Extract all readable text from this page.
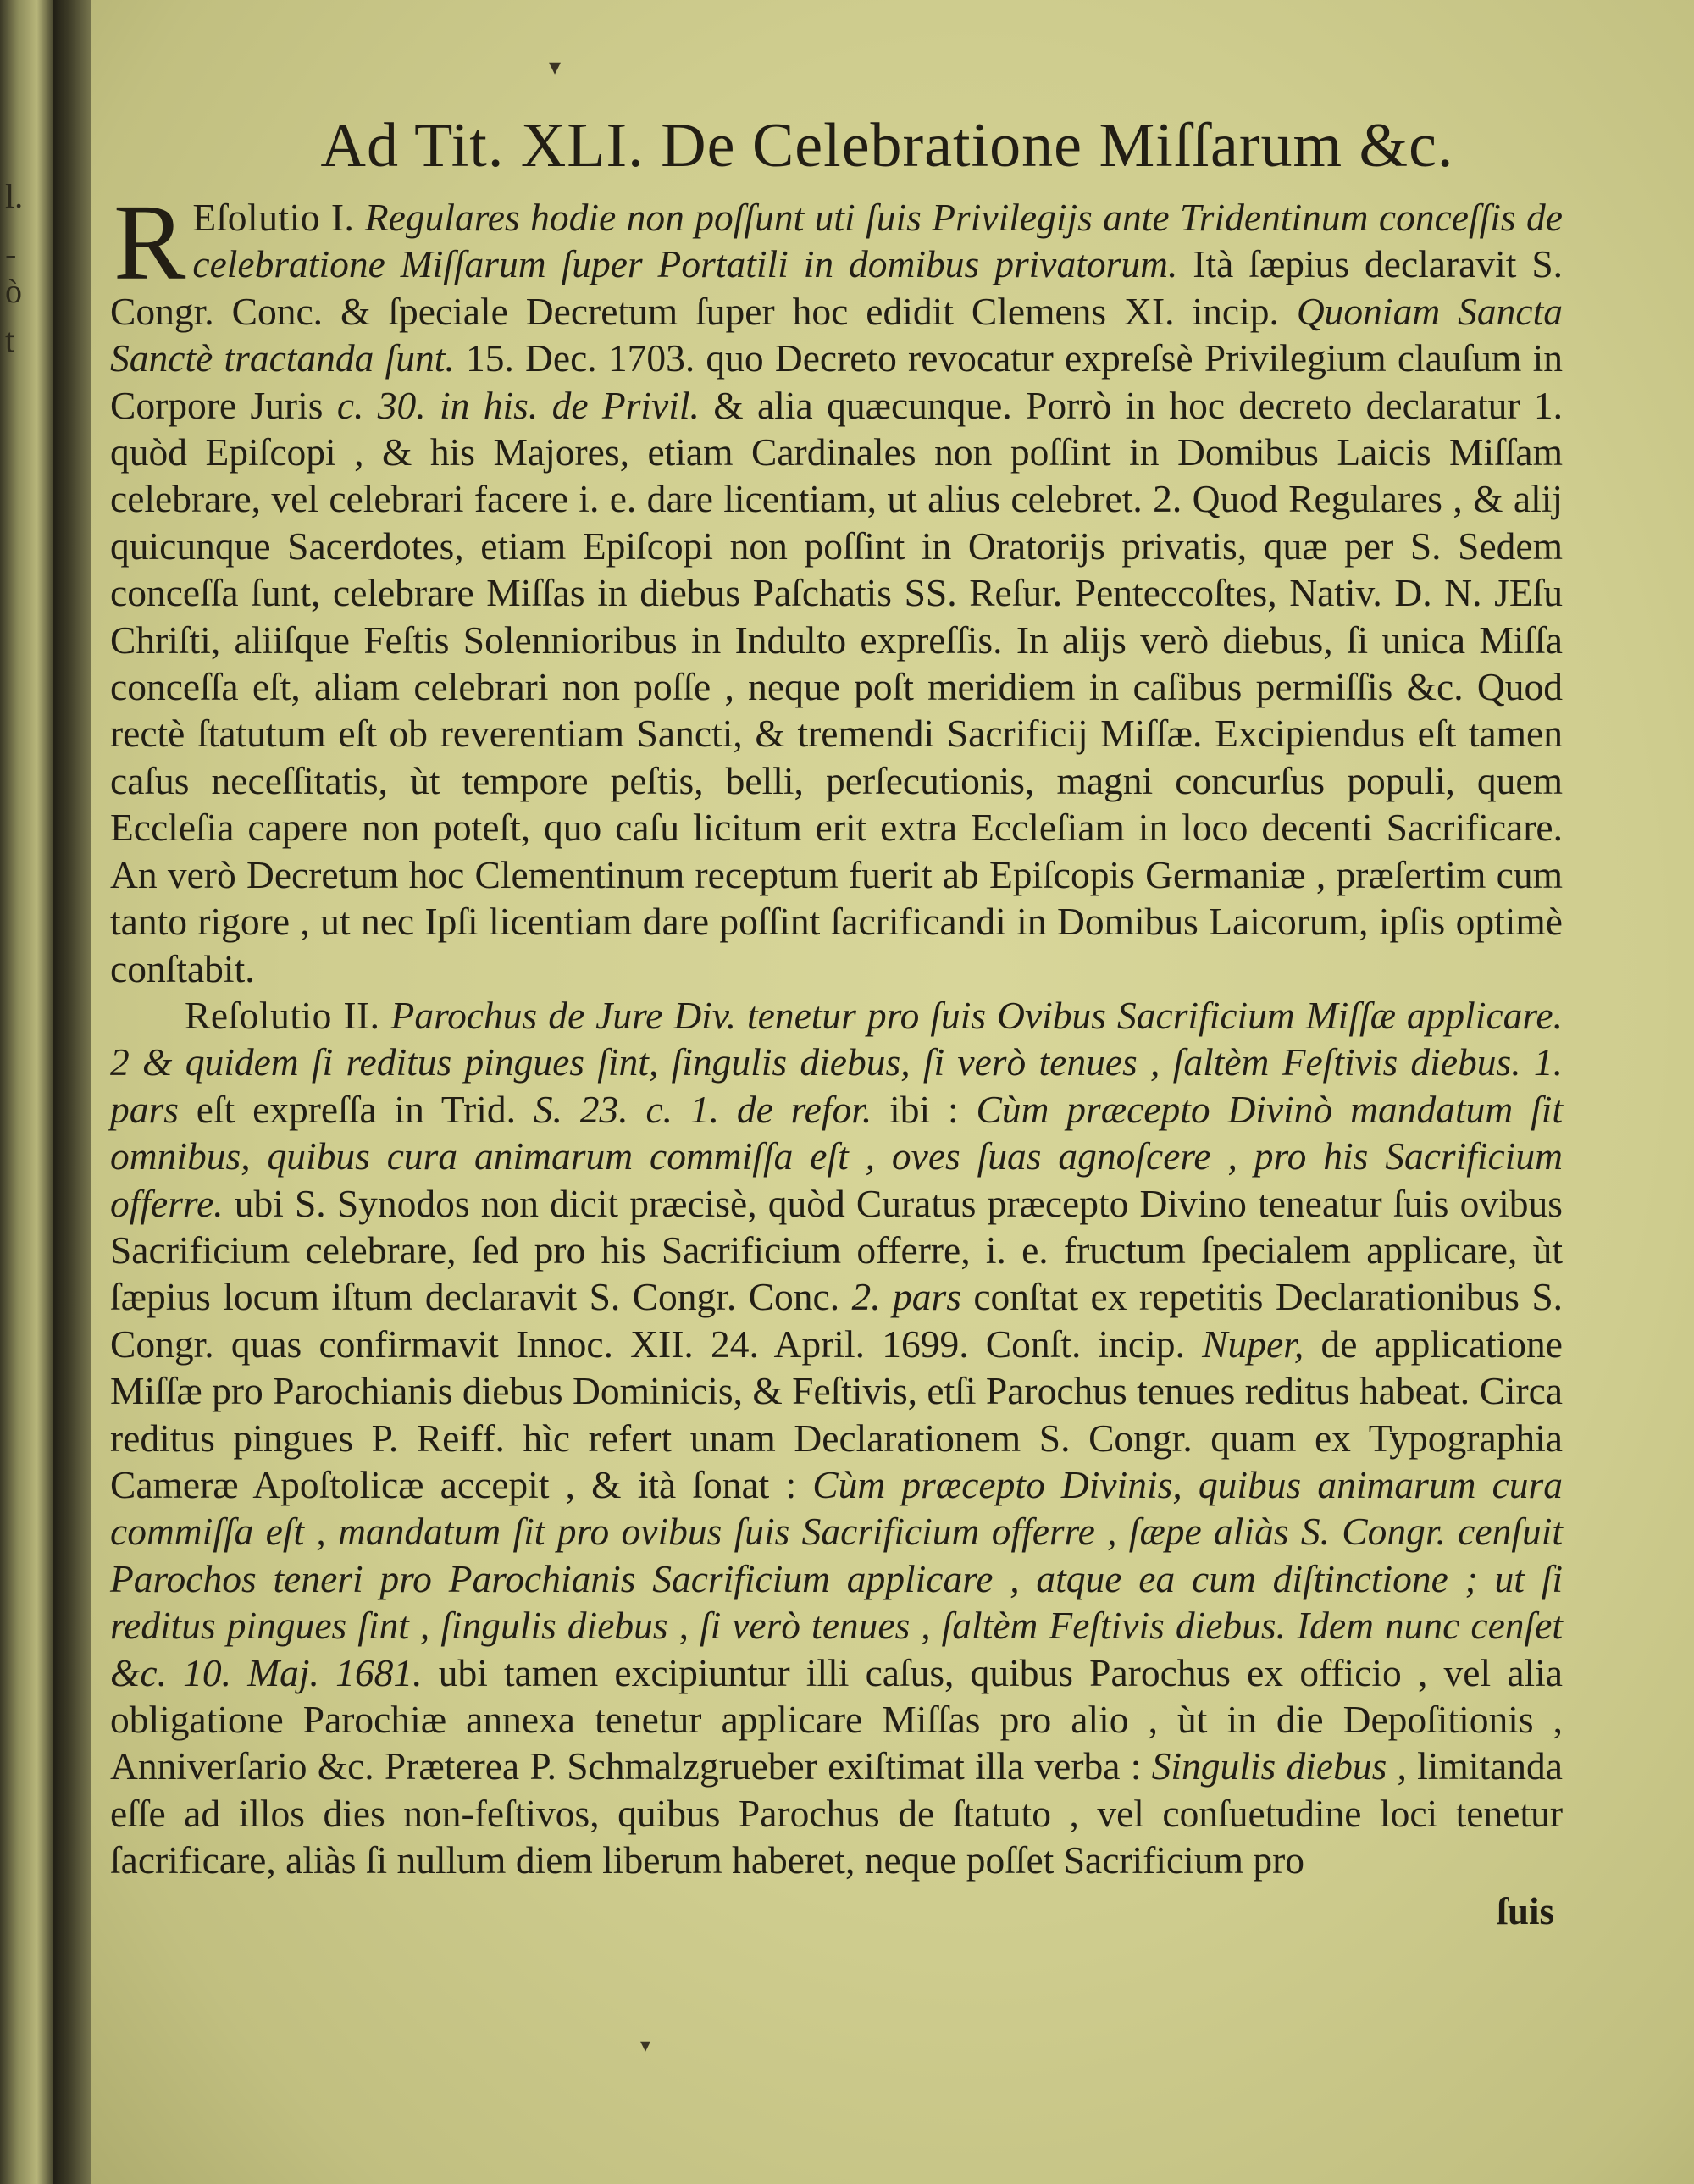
l.
-
ò
t
▾
Ad Tit. XLI. De Celebratione Miſſarum &c.

R Eſolutio I. Regulares hodie non poſſunt uti ſuis Privilegijs ante Tridentinum conceſſis de celebratione Miſſarum ſuper Portatili in domibus privatorum. Ità ſæpius declaravit S. Congr. Conc. & ſpeciale Decretum ſuper hoc edidit Clemens XI. incip. Quoniam Sancta Sanctè tractanda ſunt. 15. Dec. 1703. quo Decreto revocatur expreſsè Privilegium clauſum in Corpore Juris c. 30. in his. de Privil. & alia quæcunque. Porrò in hoc decreto declaratur 1. quòd Epiſcopi , & his Majores, etiam Cardinales non poſſint in Domibus Laicis Miſſam celebrare, vel celebrari facere i. e. dare licentiam, ut alius celebret. 2. Quod Regulares , & alij quicunque Sacerdotes, etiam Epiſcopi non poſſint in Oratorijs privatis, quæ per S. Sedem conceſſa ſunt, celebrare Miſſas in diebus Paſchatis SS. Reſur. Penteccoſtes, Nativ. D. N. JEſu Chriſti, aliiſque Feſtis Solennioribus in Indulto expreſſis. In alijs verò diebus, ſi unica Miſſa conceſſa eſt, aliam celebrari non poſſe , neque poſt meridiem in caſibus permiſſis &c. Quod rectè ſtatutum eſt ob reverentiam Sancti, & tremendi Sacrificij Miſſæ. Excipiendus eſt tamen caſus neceſſitatis, ùt tempore peſtis, belli, perſecutionis, magni concurſus populi, quem Eccleſia capere non poteſt, quo caſu licitum erit extra Eccleſiam in loco decenti Sacrificare. An verò Decretum hoc Clementinum receptum fuerit ab Epiſcopis Germaniæ , præſertim cum tanto rigore , ut nec Ipſi licentiam dare poſſint ſacrificandi in Domibus Laicorum, ipſis optimè conſtabit.

Reſolutio II. Parochus de Jure Div. tenetur pro ſuis Ovibus Sacrificium Miſſæ applicare. 2 & quidem ſi reditus pingues ſint, ſingulis diebus, ſi verò tenues , ſaltèm Feſtivis diebus. 1. pars eſt expreſſa in Trid. S. 23. c. 1. de refor. ibi : Cùm præcepto Divinò mandatum ſit omnibus, quibus cura animarum commiſſa eſt , oves ſuas agnoſcere , pro his Sacrificium offerre. ubi S. Synodos non dicit præcisè, quòd Curatus præcepto Divino teneatur ſuis ovibus Sacrificium celebrare, ſed pro his Sacrificium offerre, i. e. fructum ſpecialem applicare, ùt ſæpius locum iſtum declaravit S. Congr. Conc. 2. pars conſtat ex repetitis Declarationibus S. Congr. quas confirmavit Innoc. XII. 24. April. 1699. Conſt. incip. Nuper, de applicatione Miſſæ pro Parochianis diebus Dominicis, & Feſtivis, etſi Parochus tenues reditus habeat. Circa reditus pingues P. Reiff. hìc refert unam Declarationem S. Congr. quam ex Typographia Cameræ Apoſtolicæ accepit , & ità ſonat : Cùm præcepto Divinis, quibus animarum cura commiſſa eſt , mandatum ſit pro ovibus ſuis Sacrificium offerre , ſæpe aliàs S. Congr. cenſuit Parochos teneri pro Parochianis Sacrificium applicare , atque ea cum diſtinctione ; ut ſi reditus pingues ſint , ſingulis diebus , ſi verò tenues , ſaltèm Feſtivis diebus. Idem nunc cenſet &c. 10. Maj. 1681. ubi tamen excipiuntur illi caſus, quibus Parochus ex officio , vel alia obligatione Parochiæ annexa tenetur applicare Miſſas pro alio , ùt in die Depoſitionis , Anniverſario &c. Præterea P. Schmalzgrueber exiſtimat illa verba : Singulis diebus , limitanda eſſe ad illos dies non-feſtivos, quibus Parochus de ſtatuto , vel conſuetudine loci tenetur ſacrificare, aliàs ſi nullum diem liberum haberet, neque poſſet Sacrificium pro

ſuis
▾
